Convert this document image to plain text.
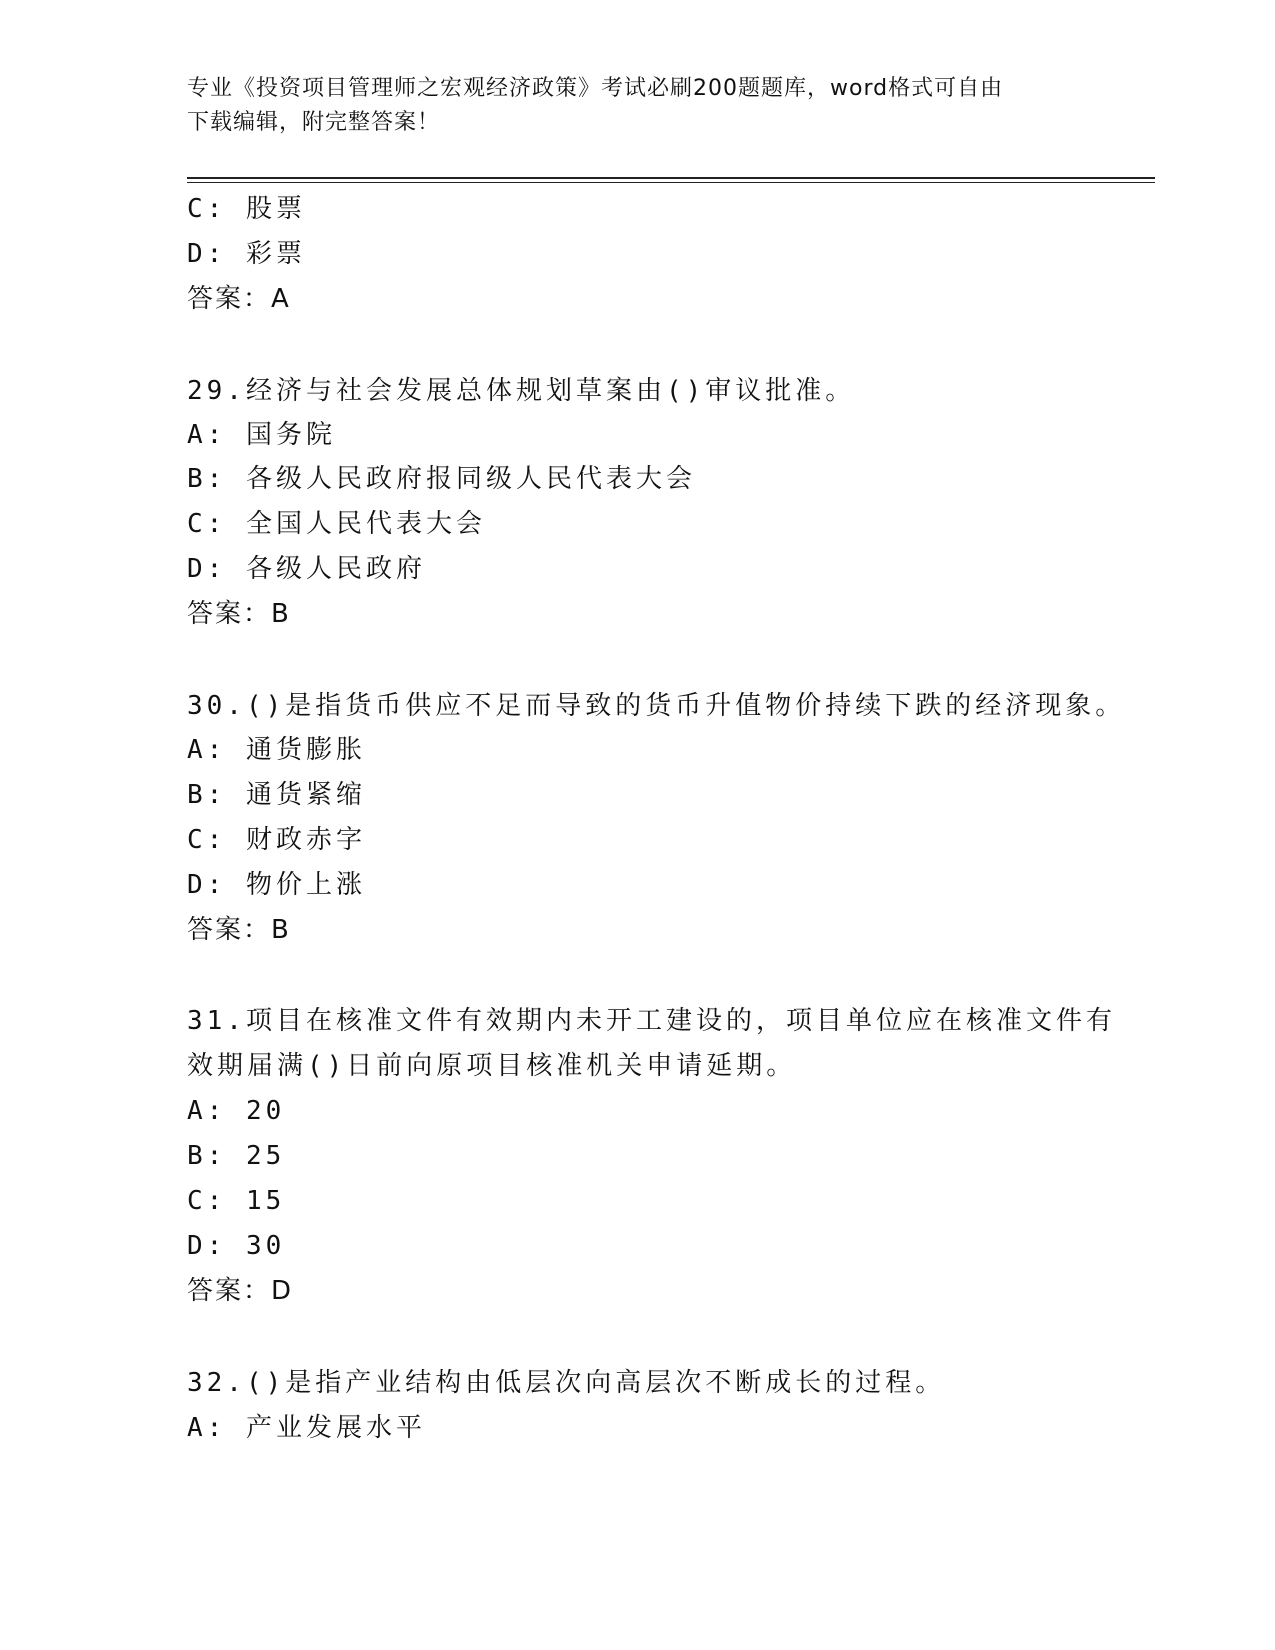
专业《投资项目管理师之宏观经济政策》考试必刷200题题库，word格式可自由
下载编辑，附完整答案！
C: 股票
D: 彩票
答案：A
29.经济与社会发展总体规划草案由()审议批准。
A: 国务院
B: 各级人民政府报同级人民代表大会
C: 全国人民代表大会
D: 各级人民政府
答案：B
30.()是指货币供应不足而导致的货币升值物价持续下跌的经济现象。
A: 通货膨胀
B: 通货紧缩
C: 财政赤字
D: 物价上涨
答案：B
31.项目在核准文件有效期内未开工建设的，项目单位应在核准文件有
效期届满()日前向原项目核准机关申请延期。
A: 20
B: 25
C: 15
D: 30
答案：D
32.()是指产业结构由低层次向高层次不断成长的过程。
A: 产业发展水平
